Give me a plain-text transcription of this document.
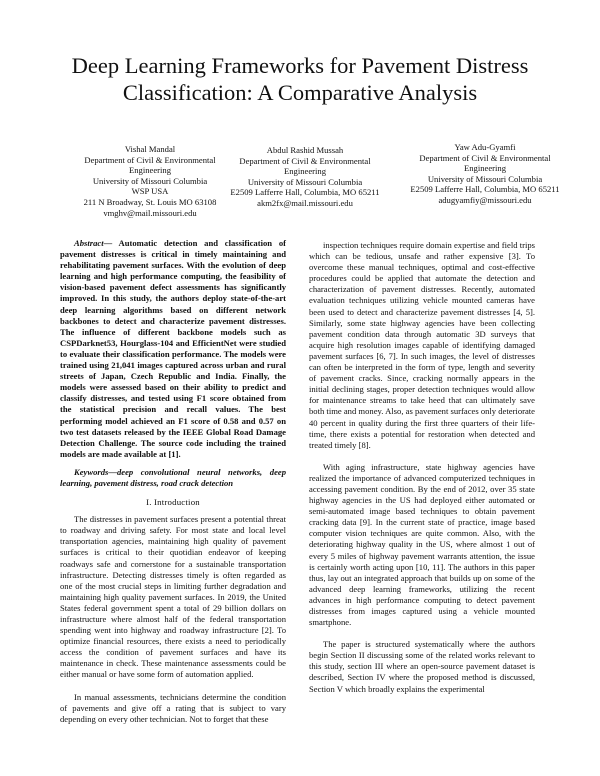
Deep Learning Frameworks for Pavement Distress
Classification: A Comparative Analysis
Vishal Mandal
Department of Civil & Environmental
Engineering
University of Missouri Columbia
WSP USA
211 N Broadway, St. Louis MO 63108
vmghv@mail.missouri.edu
Abdul Rashid Mussah
Department of Civil & Environmental
Engineering
University of Missouri Columbia
E2509 Lafferre Hall, Columbia, MO 65211
akm2fx@mail.missouri.edu
Yaw Adu-Gyamfi
Department of Civil & Environmental
Engineering
University of Missouri Columbia
E2509 Lafferre Hall, Columbia, MO 65211
adugyamfiy@missouri.edu

Abstract— Automatic detection and classification of pavement distresses is critical in timely maintaining and rehabilitating pavement surfaces. With the evolution of deep learning and high performance computing, the feasibility of vision-based pavement defect assessments has significantly improved. In this study, the authors deploy state-of-the-art deep learning algorithms based on different network backbones to detect and characterize pavement distresses. The influence of different backbone models such as CSPDarknet53, Hourglass-104 and EfficientNet were studied to evaluate their classification performance. The models were trained using 21,041 images captured across urban and rural streets of Japan, Czech Republic and India. Finally, the models were assessed based on their ability to predict and classify distresses, and tested using F1 score obtained from the statistical precision and recall values. The best performing model achieved an F1 score of 0.58 and 0.57 on two test datasets released by the IEEE Global Road Damage Detection Challenge. The source code including the trained models are made available at [1].

Keywords—deep convolutional neural networks, deep learning, pavement distress, road crack detection

I. Introduction

The distresses in pavement surfaces present a potential threat to roadway and driving safety. For most state and local level transportation agencies, maintaining high quality of pavement surfaces is critical to their quotidian endeavor of keeping roadways safe and cornerstone for a sustainable transportation infrastructure. Detecting distresses timely is often regarded as one of the most crucial steps in limiting further degradation and maintaining high quality pavement surfaces. In 2019, the United States federal government spent a total of 29 billion dollars on infrastructure where almost half of the federal transportation spending went into highway and roadway infrastructure [2]. To optimize financial resources, there exists a need to periodically access the condition of pavement surfaces and have its maintenance in check. These maintenance assessments could be either manual or have some form of automation applied.

In manual assessments, technicians determine the condition of pavements and give off a rating that is subject to vary depending on every other technician. Not to forget that these

inspection techniques require domain expertise and field trips which can be tedious, unsafe and rather expensive [3]. To overcome these manual techniques, optimal and cost-effective procedures could be applied that automate the detection and characterization of pavement distresses. Recently, automated evaluation techniques utilizing vehicle mounted cameras have been used to detect and characterize pavement distresses [4, 5]. Similarly, some state highway agencies have been collecting pavement condition data through automatic 3D surveys that acquire high resolution images capable of identifying damaged pavement surfaces [6, 7]. In such images, the level of distresses can often be interpreted in the form of type, length and severity of pavement cracks. Since, cracking normally appears in the initial declining stages, proper detection techniques would allow for maintenance streams to take heed that can ultimately save both time and money. Also, as pavement surfaces only deteriorate 40 percent in quality during the first three quarters of their life-time, there exists a potential for restoration when detected and treated timely [8].

With aging infrastructure, state highway agencies have realized the importance of advanced computerized techniques in accessing pavement condition. By the end of 2012, over 35 state highway agencies in the US had deployed either automated or semi-automated image based techniques to obtain pavement cracking data [9]. In the current state of practice, image based computer vision techniques are quite common. Also, with the deteriorating highway quality in the US, where almost 1 out of every 5 miles of highway pavement warrants attention, the issue is certainly worth acting upon [10, 11]. The authors in this paper thus, lay out an integrated approach that builds up on some of the advanced deep learning frameworks, utilizing the recent advances in high performance computing to detect pavement distresses from images captured using a vehicle mounted smartphone.

The paper is structured systematically where the authors begin Section II discussing some of the related works relevant to this study, section III where an open-source pavement dataset is described, Section IV where the proposed method is discussed, Section V which broadly explains the experimental
